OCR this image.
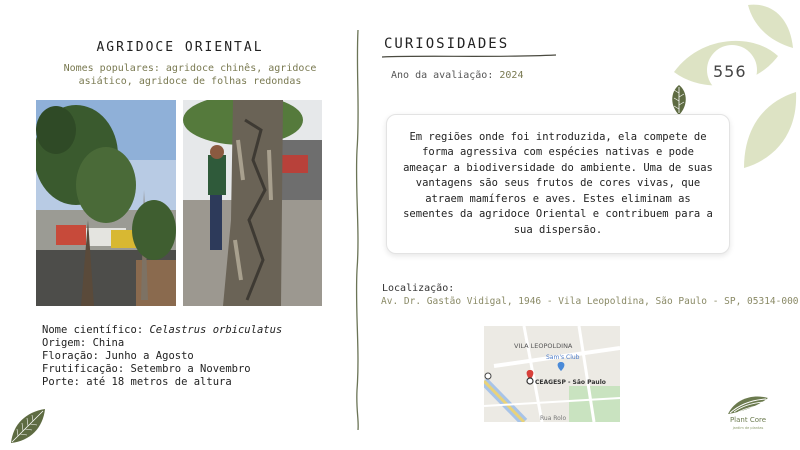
556
AGRIDOCE ORIENTAL
Nomes populares: agridoce chinês, agridoce asiático, agridoce de folhas redondas
Nome científico: Celastrus orbiculatus
Origem: China
Floração: Junho a Agosto
Frutificação: Setembro a Novembro
Porte: até 18 metros de altura
CURIOSIDADES
Ano da avaliação: 2024

Em regiões onde foi introduzida, ela compete de forma agressiva com espécies nativas e pode ameaçar a biodiversidade do ambiente. Uma de suas vantagens são seus frutos de cores vivas, que atraem mamíferos e aves. Estes eliminam as sementes da agridoce Oriental e contribuem para a sua dispersão.

Localização:
Av. Dr. Gastão Vidigal, 1946 - Vila Leopoldina, São Paulo - SP, 05314-000
VILA LEOPOLDINA
Sam's Club
CEAGESP - São Paulo
Rua Rolo	Plant Core
jardim de plantas
